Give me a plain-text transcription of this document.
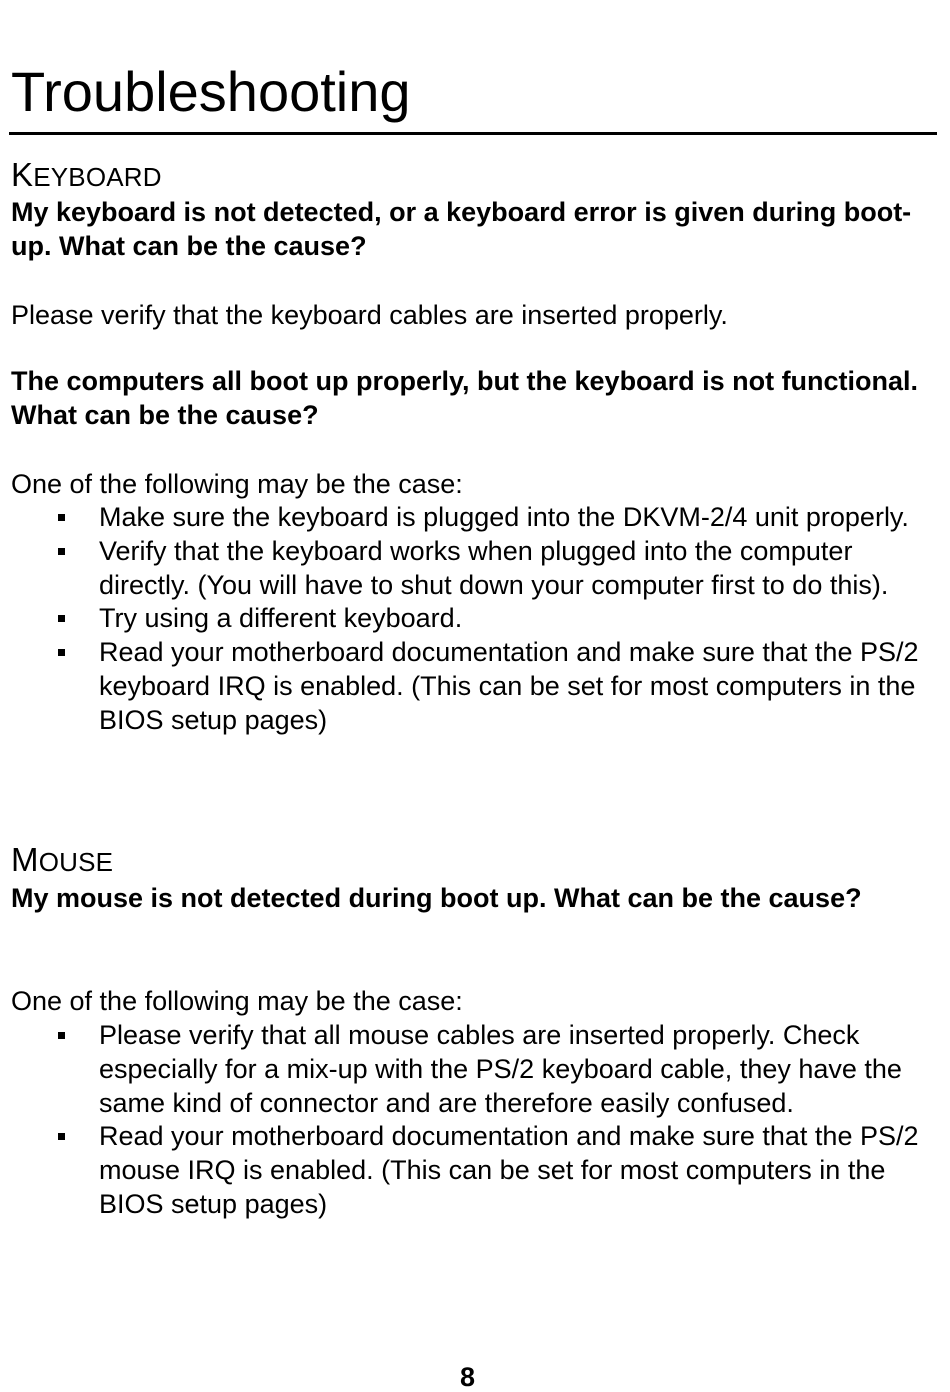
Troubleshooting
KEYBOARD

My keyboard is not detected, or a keyboard error is given during boot-up. What can be the cause?

Please verify that the keyboard cables are inserted properly.

The computers all boot up properly, but the keyboard is not functional. What can be the cause?

One of the following may be the case:

Make sure the keyboard is plugged into the DKVM-2/4 unit properly.
Verify that the keyboard works when plugged into the computer directly. (You will have to shut down your computer first to do this).
Try using a different keyboard.
Read your motherboard documentation and make sure that the PS/2 keyboard IRQ is enabled. (This can be set for most computers in the BIOS setup pages)
MOUSE

My mouse is not detected during boot up. What can be the cause?

One of the following may be the case:

Please verify that all mouse cables are inserted properly. Check especially for a mix-up with the PS/2 keyboard cable, they have the same kind of connector and are therefore easily confused.
Read your motherboard documentation and make sure that the PS/2 mouse IRQ is enabled. (This can be set for most computers in the BIOS setup pages)
8
